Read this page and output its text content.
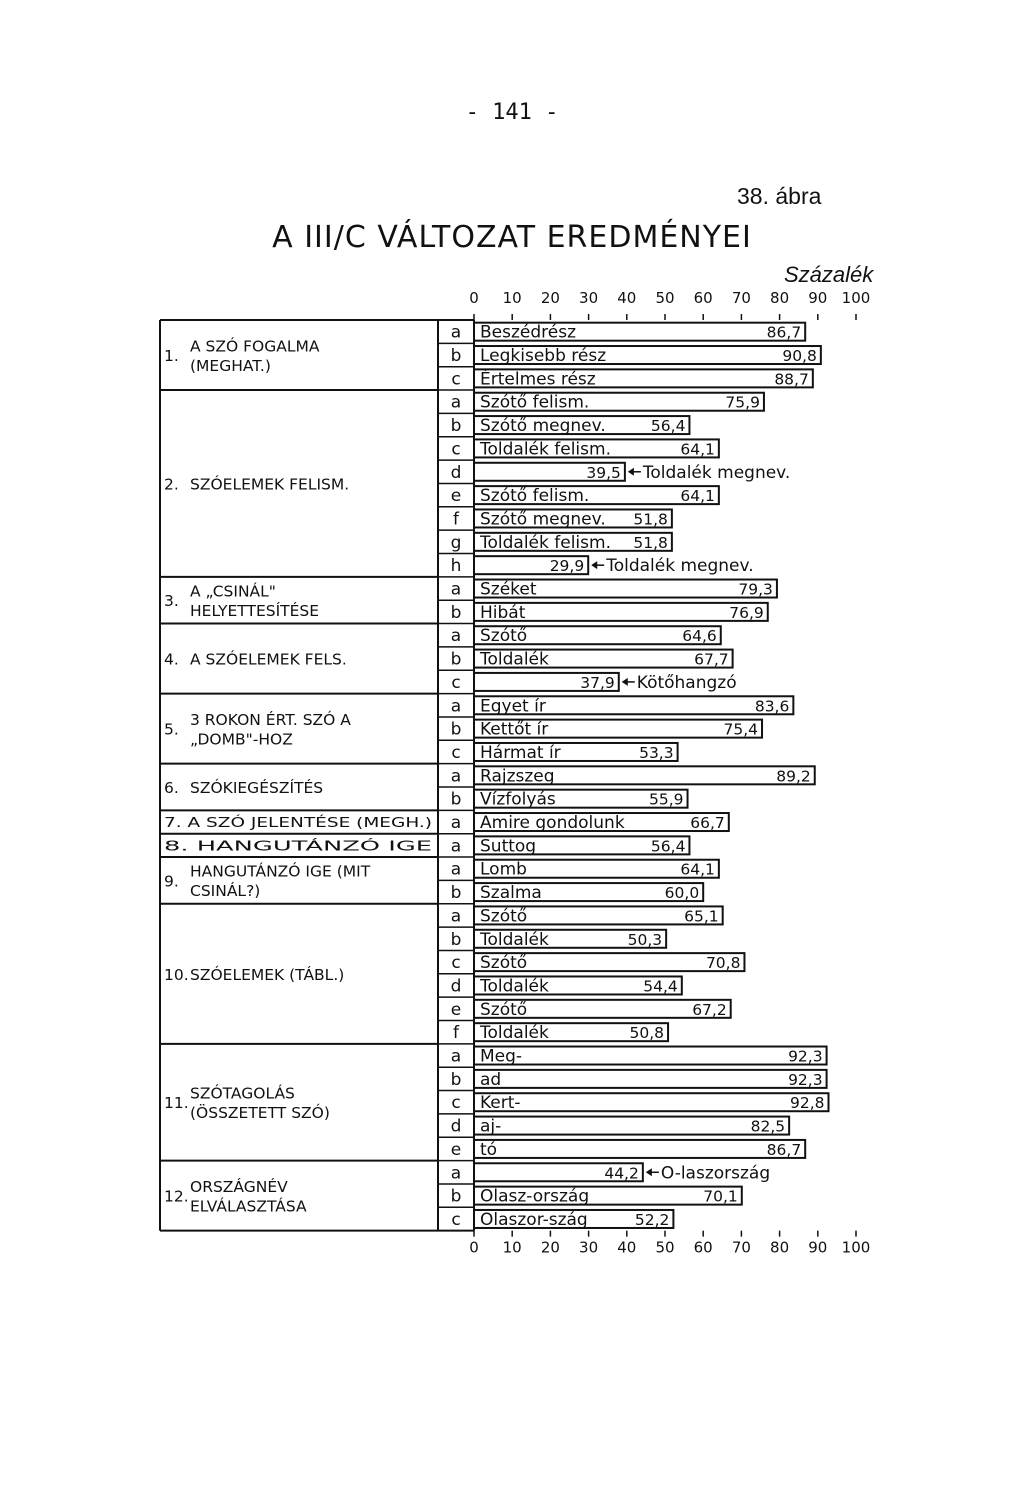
- 141 -
38. ábra
A III/C VÁLTOZAT EREDMÉNYEI
Százalék
0
0
10
10
20
20
30
30
40
40
50
50
60
60
70
70
80
80
90
90
100
100
1.
A SZÓ FOGALMA
(MEGHAT.)
a Beszédrész	86,7
b Legkisebb rész	90,8
c Értelmes rész	88,7
2. SZÓELEMEK FELISM.
a Szótő felism.	75,9
b Szótő megnev.	56,4
c Toldalék felism.	64,1
d	39,5 Toldalék megnev.
e Szótő felism.	64,1
f Szótő megnev. 51,8
g Toldalék felism. 51,8
h	29,9 Toldalék megnev.
3.
A „CSINÁL"
HELYETTESÍTÉSE
a Széket	79,3
b Hibát	76,9
4. A SZÓELEMEK FELS.
a Szótő	64,6
b Toldalék	67,7
c	37,9 Kötőhangzó
5.
3 ROKON ÉRT. SZÓ A
„DOMB"-HOZ
a Egyet ír	83,6
b Kettőt ír	75,4
c Hármat ír	53,3
6. SZÓKIEGÉSZÍTÉS
a Rajzszeg	89,2
b Vízfolyás	55,9
7. A SZÓ JELENTÉSE (MEGH.)	a Amire gondolunk	66,7
8. HANGUTÁNZÓ IGE	a Suttog	56,4
9.
HANGUTÁNZÓ IGE (MIT
CSINÁL?)
a Lomb	64,1
b Szalma	60,0
10. SZÓELEMEK (TÁBL.)
a Szótő	65,1
b Toldalék	50,3
c Szótő	70,8
d Toldalék	54,4
e Szótő	67,2
f Toldalék	50,8
11.
SZÓTAGOLÁS
(ÖSSZETETT SZÓ)
a Meg-	92,3
b ad	92,3
c Kert-	92,8
d aj-	82,5
e tó	86,7
12.
ORSZÁGNÉV
ELVÁLASZTÁSA
a	44,2 O-laszország
b Olasz-ország	70,1
c Olaszor-szág	52,2
